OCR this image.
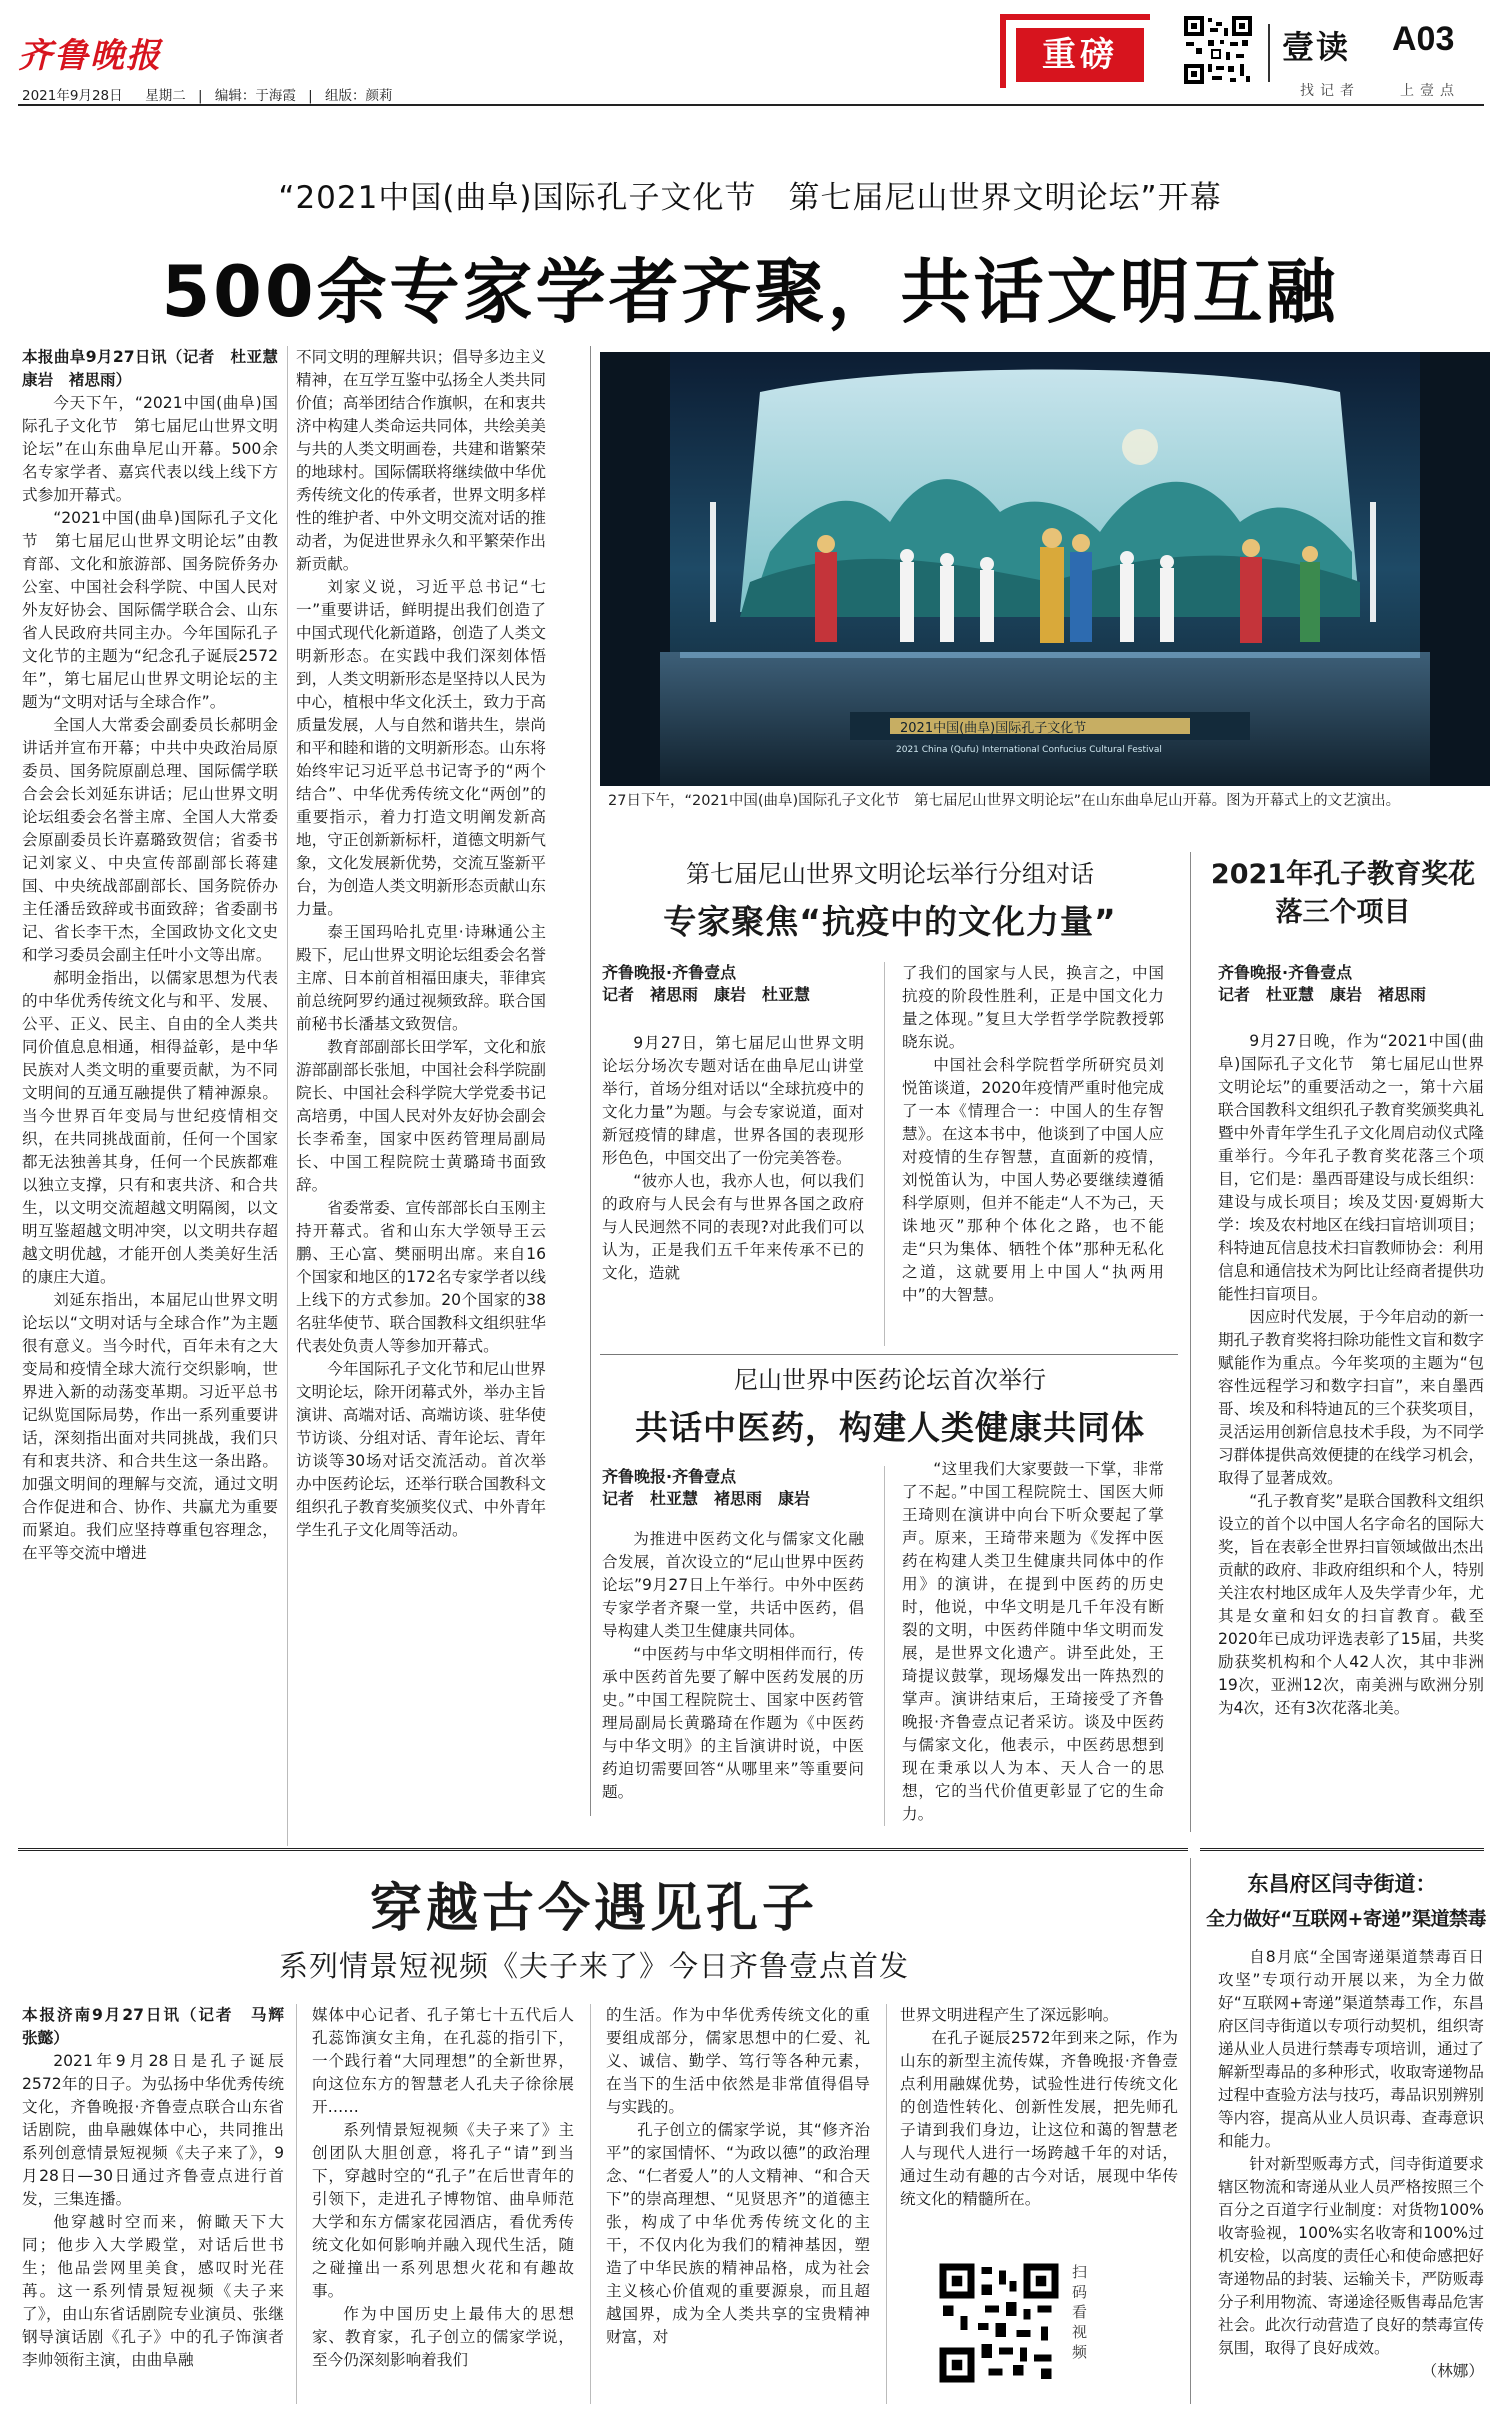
齐鲁晚报
2021年9月28日 星期二 | 编辑：于海霞 | 组版：颜莉
重磅	壹读 A03
找记者	上壹点
“2021中国(曲阜)国际孔子文化节　第七届尼山世界文明论坛”开幕
500余专家学者齐聚，共话文明互融

本报曲阜9月27日讯（记者　杜亚慧　康岩　褚思雨）

今天下午，“2021中国(曲阜)国际孔子文化节　第七届尼山世界文明论坛”在山东曲阜尼山开幕。500余名专家学者、嘉宾代表以线上线下方式参加开幕式。

“2021中国(曲阜)国际孔子文化节　第七届尼山世界文明论坛”由教育部、文化和旅游部、国务院侨务办公室、中国社会科学院、中国人民对外友好协会、国际儒学联合会、山东省人民政府共同主办。今年国际孔子文化节的主题为“纪念孔子诞辰2572年”，第七届尼山世界文明论坛的主题为“文明对话与全球合作”。

全国人大常委会副委员长郝明金讲话并宣布开幕；中共中央政治局原委员、国务院原副总理、国际儒学联合会会长刘延东讲话；尼山世界文明论坛组委会名誉主席、全国人大常委会原副委员长许嘉璐致贺信；省委书记刘家义、中央宣传部副部长蒋建国、中央统战部副部长、国务院侨办主任潘岳致辞或书面致辞；省委副书记、省长李干杰，全国政协文化文史和学习委员会副主任叶小文等出席。

郝明金指出，以儒家思想为代表的中华优秀传统文化与和平、发展、公平、正义、民主、自由的全人类共同价值息息相通，相得益彰，是中华民族对人类文明的重要贡献，为不同文明间的互通互融提供了精神源泉。当今世界百年变局与世纪疫情相交织，在共同挑战面前，任何一个国家都无法独善其身，任何一个民族都难以独立支撑，只有和衷共济、和合共生，以文明交流超越文明隔阂，以文明互鉴超越文明冲突，以文明共存超越文明优越，才能开创人类美好生活的康庄大道。

刘延东指出，本届尼山世界文明论坛以“文明对话与全球合作”为主题很有意义。当今时代，百年未有之大变局和疫情全球大流行交织影响，世界进入新的动荡变革期。习近平总书记纵览国际局势，作出一系列重要讲话，深刻指出面对共同挑战，我们只有和衷共济、和合共生这一条出路。加强文明间的理解与交流，通过文明合作促进和合、协作、共赢尤为重要而紧迫。我们应坚持尊重包容理念，在平等交流中增进

不同文明的理解共识；倡导多边主义精神，在互学互鉴中弘扬全人类共同价值；高举团结合作旗帜，在和衷共济中构建人类命运共同体，共绘美美与共的人类文明画卷，共建和谐繁荣的地球村。国际儒联将继续做中华优秀传统文化的传承者，世界文明多样性的维护者、中外文明交流对话的推动者，为促进世界永久和平繁荣作出新贡献。

刘家义说，习近平总书记“七一”重要讲话，鲜明提出我们创造了中国式现代化新道路，创造了人类文明新形态。在实践中我们深刻体悟到，人类文明新形态是坚持以人民为中心，植根中华文化沃土，致力于高质量发展，人与自然和谐共生，崇尚和平和睦和谐的文明新形态。山东将始终牢记习近平总书记寄予的“两个结合”、中华优秀传统文化“两创”的重要指示，着力打造文明阐发新高地，守正创新新标杆，道德文明新气象，文化发展新优势，交流互鉴新平台，为创造人类文明新形态贡献山东力量。

泰王国玛哈扎克里·诗琳通公主殿下，尼山世界文明论坛组委会名誉主席、日本前首相福田康夫，菲律宾前总统阿罗约通过视频致辞。联合国前秘书长潘基文致贺信。

教育部副部长田学军，文化和旅游部副部长张旭，中国社会科学院副院长、中国社会科学院大学党委书记高培勇，中国人民对外友好协会副会长李希奎，国家中医药管理局副局长、中国工程院院士黄璐琦书面致辞。

省委常委、宣传部部长白玉刚主持开幕式。省和山东大学领导王云鹏、王心富、樊丽明出席。来自16个国家和地区的172名专家学者以线上线下的方式参加。20个国家的38名驻华使节、联合国教科文组织驻华代表处负责人等参加开幕式。

今年国际孔子文化节和尼山世界文明论坛，除开闭幕式外，举办主旨演讲、高端对话、高端访谈、驻华使节访谈、分组对话、青年论坛、青年访谈等30场对话交流活动。首次举办中医药论坛，还举行联合国教科文组织孔子教育奖颁奖仪式、中外青年学生孔子文化周等活动。

2021中国(曲阜)国际孔子文化节
2021 China (Qufu) International Confucius Cultural Festival
27日下午，“2021中国(曲阜)国际孔子文化节　第七届尼山世界文明论坛”在山东曲阜尼山开幕。图为开幕式上的文艺演出。
第七届尼山世界文明论坛举行分组对话
专家聚焦“抗疫中的文化力量”
齐鲁晚报·齐鲁壹点
记者　褚思雨　康岩　杜亚慧

9月27日，第七届尼山世界文明论坛分场次专题对话在曲阜尼山讲堂举行，首场分组对话以“全球抗疫中的文化力量”为题。与会专家说道，面对新冠疫情的肆虐，世界各国的表现形形色色，中国交出了一份完美答卷。

“彼亦人也，我亦人也，何以我们的政府与人民会有与世界各国之政府与人民迥然不同的表现?对此我们可以认为，正是我们五千年来传承不已的文化，造就

了我们的国家与人民，换言之，中国抗疫的阶段性胜利，正是中国文化力量之体现。”复旦大学哲学学院教授郭晓东说。

中国社会科学院哲学所研究员刘悦笛谈道，2020年疫情严重时他完成了一本《情理合一：中国人的生存智慧》。在这本书中，他谈到了中国人应对疫情的生存智慧，直面新的疫情，刘悦笛认为，中国人势必要继续遵循科学原则，但并不能走“人不为己，天诛地灭”那种个体化之路，也不能走“只为集体、牺牲个体”那种无私化之道，这就要用上中国人“执两用中”的大智慧。

尼山世界中医药论坛首次举行
共话中医药，构建人类健康共同体
齐鲁晚报·齐鲁壹点
记者　杜亚慧　褚思雨　康岩

为推进中医药文化与儒家文化融合发展，首次设立的“尼山世界中医药论坛”9月27日上午举行。中外中医药专家学者齐聚一堂，共话中医药，倡导构建人类卫生健康共同体。

“中医药与中华文明相伴而行，传承中医药首先要了解中医药发展的历史。”中国工程院院士、国家中医药管理局副局长黄璐琦在作题为《中医药与中华文明》的主旨演讲时说，中医药迫切需要回答“从哪里来”等重要问题。

“这里我们大家要鼓一下掌，非常了不起。”中国工程院院士、国医大师王琦则在演讲中向台下听众要起了掌声。原来，王琦带来题为《发挥中医药在构建人类卫生健康共同体中的作用》的演讲，在提到中医药的历史时，他说，中华文明是几千年没有断裂的文明，中医药伴随中华文明而发展，是世界文化遗产。讲至此处，王琦提议鼓掌，现场爆发出一阵热烈的掌声。演讲结束后，王琦接受了齐鲁晚报·齐鲁壹点记者采访。谈及中医药与儒家文化，他表示，中医药思想到现在秉承以人为本、天人合一的思想，它的当代价值更彰显了它的生命力。

2021年孔子教育奖花落三个项目
齐鲁晚报·齐鲁壹点
记者　杜亚慧　康岩　褚思雨

9月27日晚，作为“2021中国(曲阜)国际孔子文化节　第七届尼山世界文明论坛”的重要活动之一，第十六届联合国教科文组织孔子教育奖颁奖典礼暨中外青年学生孔子文化周启动仪式隆重举行。今年孔子教育奖花落三个项目，它们是：墨西哥建设与成长组织：建设与成长项目；埃及艾因·夏姆斯大学：埃及农村地区在线扫盲培训项目；科特迪瓦信息技术扫盲教师协会：利用信息和通信技术为阿比让经商者提供功能性扫盲项目。

因应时代发展，于今年启动的新一期孔子教育奖将扫除功能性文盲和数字赋能作为重点。今年奖项的主题为“包容性远程学习和数字扫盲”，来自墨西哥、埃及和科特迪瓦的三个获奖项目，灵活运用创新信息技术手段，为不同学习群体提供高效便捷的在线学习机会，取得了显著成效。

“孔子教育奖”是联合国教科文组织设立的首个以中国人名字命名的国际大奖，旨在表彰全世界扫盲领域做出杰出贡献的政府、非政府组织和个人，特别关注农村地区成年人及失学青少年，尤其是女童和妇女的扫盲教育。截至2020年已成功评选表彰了15届，共奖励获奖机构和个人42人次，其中非洲19次，亚洲12次，南美洲与欧洲分别为4次，还有3次花落北美。

穿越古今遇见孔子
系列情景短视频《夫子来了》今日齐鲁壹点首发

本报济南9月27日讯（记者　马辉　张懿）

2021年9月28日是孔子诞辰2572年的日子。为弘扬中华优秀传统文化，齐鲁晚报·齐鲁壹点联合山东省话剧院，曲阜融媒体中心，共同推出系列创意情景短视频《夫子来了》，9月28日—30日通过齐鲁壹点进行首发，三集连播。

他穿越时空而来，俯瞰天下大同；他步入大学殿堂，对话后世书生；他品尝网里美食，感叹时光荏苒。这一系列情景短视频《夫子来了》，由山东省话剧院专业演员、张继钢导演话剧《孔子》中的孔子饰演者李帅领衔主演，由曲阜融

媒体中心记者、孔子第七十五代后人孔蕊饰演女主角，在孔蕊的指引下，一个践行着“大同理想”的全新世界，向这位东方的智慧老人孔夫子徐徐展开……

系列情景短视频《夫子来了》主创团队大胆创意，将孔子“请”到当下，穿越时空的“孔子”在后世青年的引领下，走进孔子博物馆、曲阜师范大学和东方儒家花园酒店，看优秀传统文化如何影响并融入现代生活，随之碰撞出一系列思想火花和有趣故事。

作为中国历史上最伟大的思想家、教育家，孔子创立的儒家学说，至今仍深刻影响着我们

的生活。作为中华优秀传统文化的重要组成部分，儒家思想中的仁爱、礼义、诚信、勤学、笃行等各种元素，在当下的生活中依然是非常值得倡导与实践的。

孔子创立的儒家学说，其“修齐治平”的家国情怀、“为政以德”的政治理念、“仁者爱人”的人文精神、“和合天下”的崇高理想、“见贤思齐”的道德主张，构成了中华优秀传统文化的主干，不仅内化为我们的精神基因，塑造了中华民族的精神品格，成为社会主义核心价值观的重要源泉，而且超越国界，成为全人类共享的宝贵精神财富，对

世界文明进程产生了深远影响。

在孔子诞辰2572年到来之际，作为山东的新型主流传媒，齐鲁晚报·齐鲁壹点利用融媒优势，试验性进行传统文化的创造性转化、创新性发展，把先师孔子请到我们身边，让这位和蔼的智慧老人与现代人进行一场跨越千年的对话，通过生动有趣的古今对话，展现中华传统文化的精髓所在。

扫码看视频
东昌府区闫寺街道：
全力做好“互联网+寄递”渠道禁毒

自8月底“全国寄递渠道禁毒百日攻坚”专项行动开展以来，为全力做好“互联网+寄递”渠道禁毒工作，东昌府区闫寺街道以专项行动契机，组织寄递从业人员进行禁毒专项培训，通过了解新型毒品的多种形式，收取寄递物品过程中查验方法与技巧，毒品识别辨别等内容，提高从业人员识毒、查毒意识和能力。

针对新型贩毒方式，闫寺街道要求辖区物流和寄递从业人员严格按照三个百分之百道字行业制度：对货物100%收寄验视，100%实名收寄和100%过机安检，以高度的责任心和使命感把好寄递物品的封装、运输关卡，严防贩毒分子利用物流、寄递途径贩售毒品危害社会。此次行动营造了良好的禁毒宣传氛围，取得了良好成效。

（林娜）
